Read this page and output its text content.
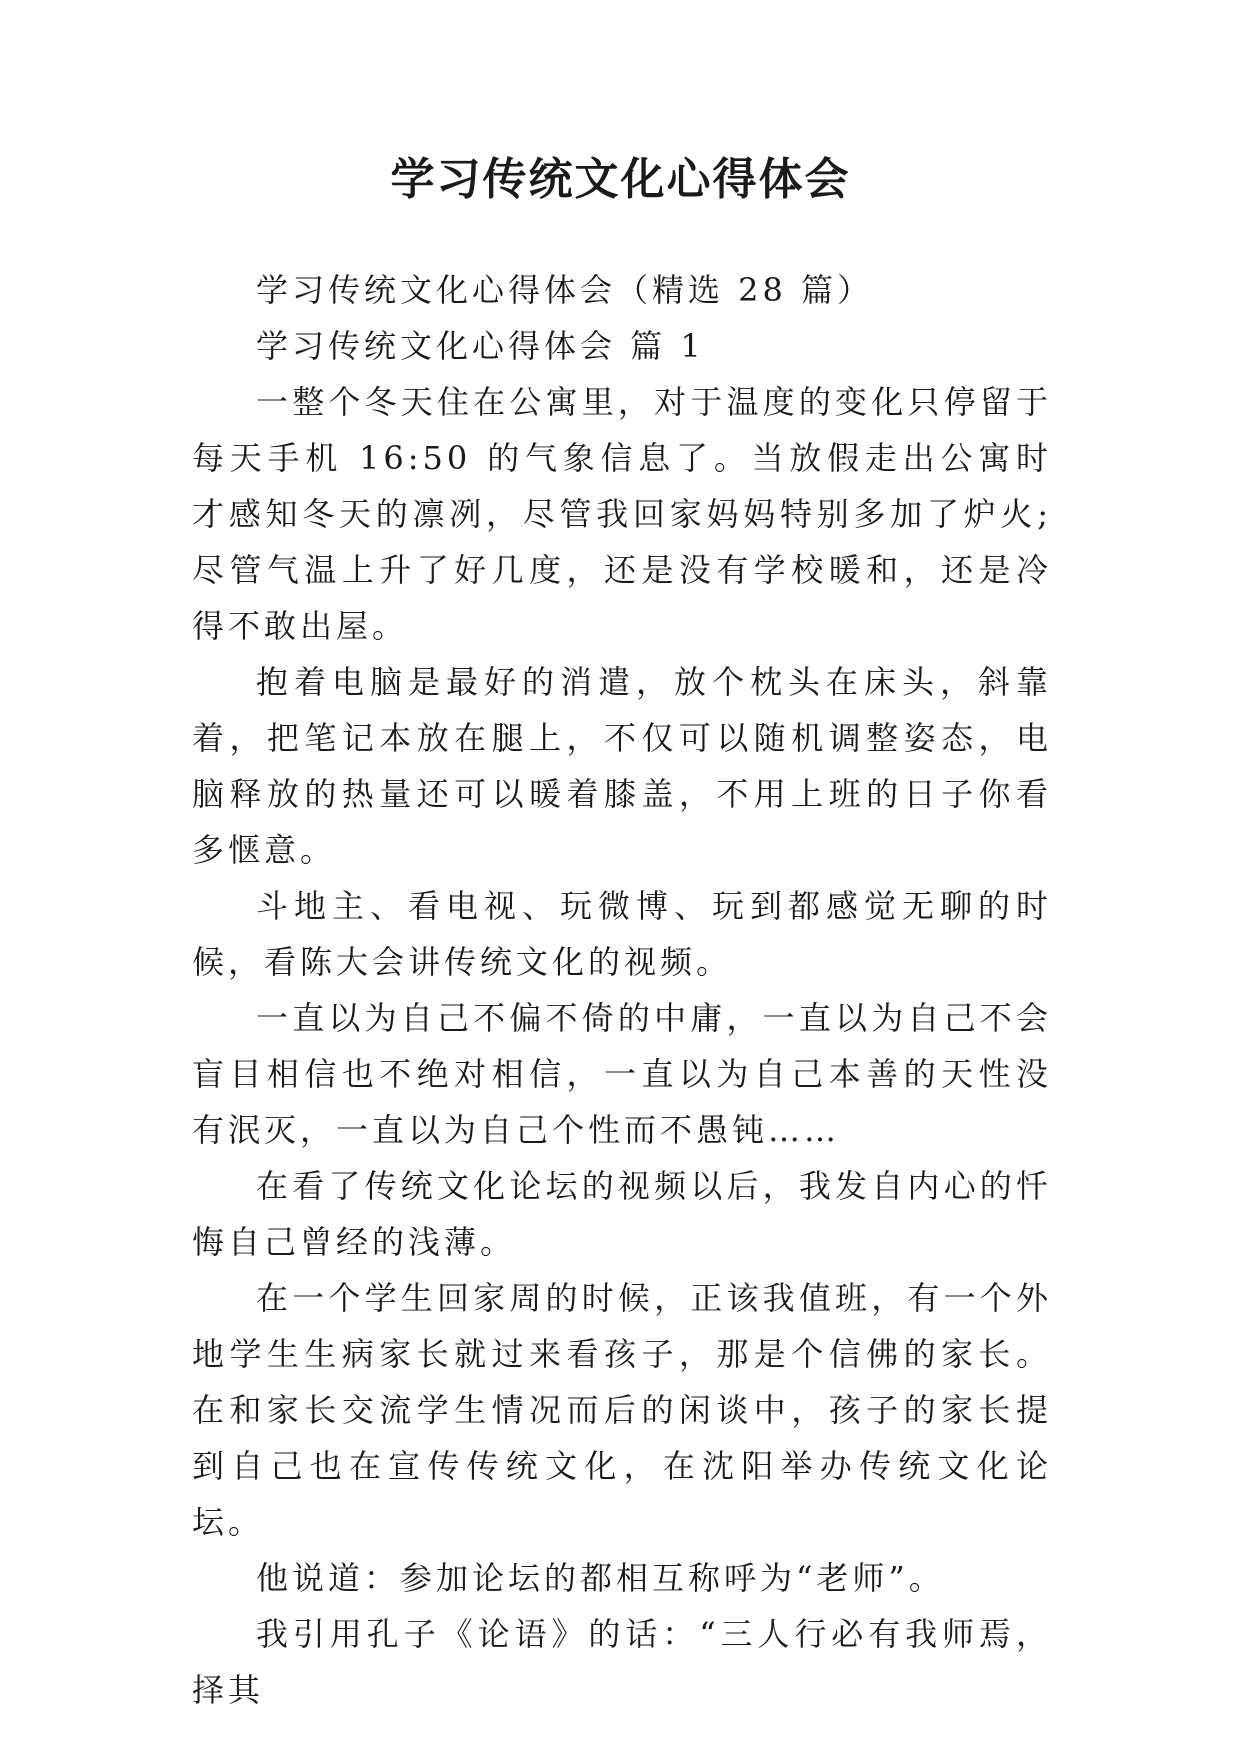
学习传统文化心得体会

学习传统文化心得体会（精选 28 篇）

学习传统文化心得体会 篇 1

一整个冬天住在公寓里，对于温度的变化只停留于每天手机 16:50 的气象信息了。当放假走出公寓时才感知冬天的凛冽，尽管我回家妈妈特别多加了炉火;尽管气温上升了好几度，还是没有学校暖和，还是冷得不敢出屋。

抱着电脑是最好的消遣，放个枕头在床头，斜靠着，把笔记本放在腿上，不仅可以随机调整姿态，电脑释放的热量还可以暖着膝盖，不用上班的日子你看多惬意。

斗地主、看电视、玩微博、玩到都感觉无聊的时候，看陈大会讲传统文化的视频。

一直以为自己不偏不倚的中庸，一直以为自己不会盲目相信也不绝对相信，一直以为自己本善的天性没有泯灭，一直以为自己个性而不愚钝……

在看了传统文化论坛的视频以后，我发自内心的忏悔自己曾经的浅薄。

在一个学生回家周的时候，正该我值班，有一个外地学生生病家长就过来看孩子，那是个信佛的家长。在和家长交流学生情况而后的闲谈中，孩子的家长提到自己也在宣传传统文化，在沈阳举办传统文化论坛。

他说道：参加论坛的都相互称呼为“老师”。

我引用孔子《论语》的话：“三人行必有我师焉，择其
